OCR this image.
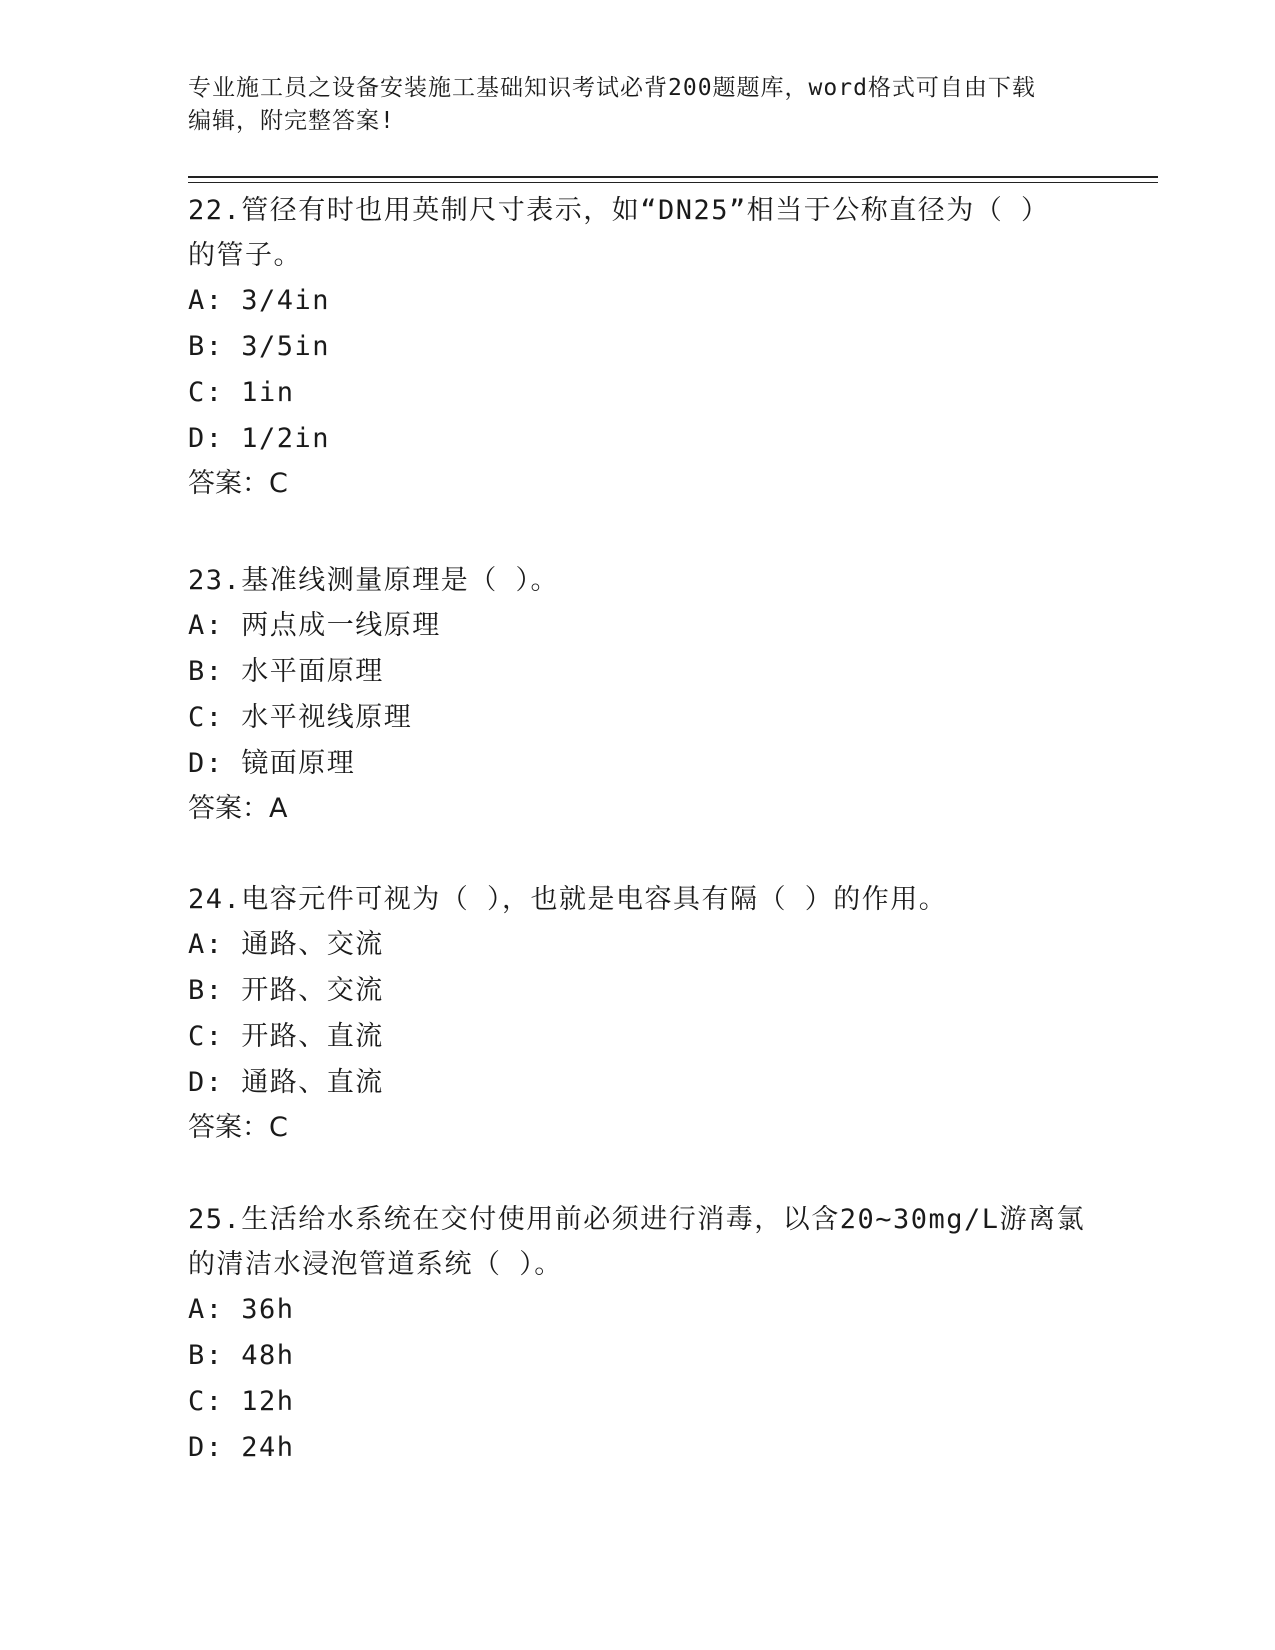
专业施工员之设备安装施工基础知识考试必背200题题库，word格式可自由下载
编辑，附完整答案!

22.管径有时也用英制尺寸表示，如“DN25”相当于公称直径为（ ）

的管子。

A: 3/4in

B: 3/5in

C: 1in

D: 1/2in

答案：C

23.基准线测量原理是（ ）。

A: 两点成一线原理

B: 水平面原理

C: 水平视线原理

D: 镜面原理

答案：A

24.电容元件可视为（ ），也就是电容具有隔（ ）的作用。

A: 通路、交流

B: 开路、交流

C: 开路、直流

D: 通路、直流

答案：C

25.生活给水系统在交付使用前必须进行消毒，以含20~30mg/L游离氯

的清洁水浸泡管道系统（ ）。

A: 36h

B: 48h

C: 12h

D: 24h
